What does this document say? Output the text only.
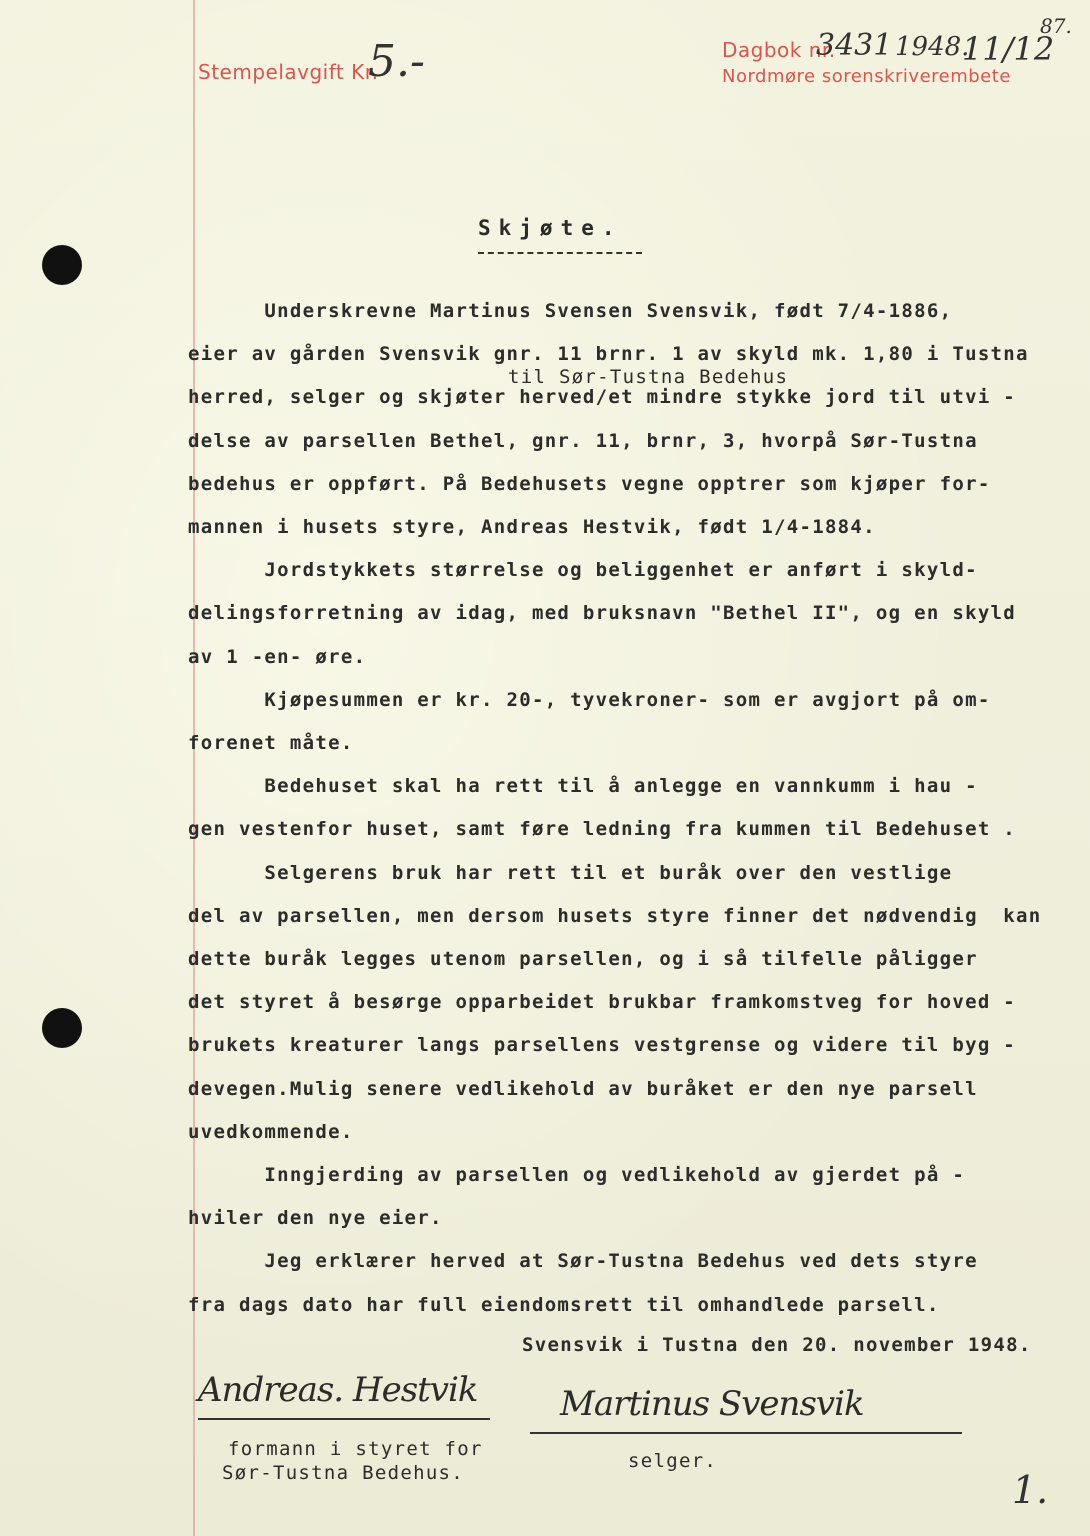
Stempelavgift Kr.
5.-	Dagbok nr.
3431 1948.
11/12
Nordmøre sorenskriverembete
87.
Skjøte.
til Sør-Tustna Bedehus
Underskrevne Martinus Svensen Svensvik, født 7/4-1886,
eier av gården Svensvik gnr. 11 brnr. 1 av skyld mk. 1,80 i Tustna
herred, selger og skjøter herved/et mindre stykke jord til utvi -
delse av parsellen Bethel, gnr. 11, brnr, 3, hvorpå Sør-Tustna
bedehus er oppført. På Bedehusets vegne opptrer som kjøper for-
mannen i husets styre, Andreas Hestvik, født 1/4-1884.
Jordstykkets størrelse og beliggenhet er anført i skyld-
delingsforretning av idag, med bruksnavn "Bethel II", og en skyld
av 1 -en- øre.
Kjøpesummen er kr. 20-, tyvekroner- som er avgjort på om-
forenet måte.
Bedehuset skal ha rett til å anlegge en vannkumm i hau -
gen vestenfor huset, samt føre ledning fra kummen til Bedehuset .
Selgerens bruk har rett til et buråk over den vestlige
del av parsellen, men dersom husets styre finner det nødvendig  kan
dette buråk legges utenom parsellen, og i så tilfelle påligger
det styret å besørge opparbeidet brukbar framkomstveg for hoved -
brukets kreaturer langs parsellens vestgrense og videre til byg -
devegen.Mulig senere vedlikehold av buråket er den nye parsell
uvedkommende.
Inngjerding av parsellen og vedlikehold av gjerdet på -
hviler den nye eier.
Jeg erklærer herved at Sør-Tustna Bedehus ved dets styre
fra dags dato har full eiendomsrett til omhandlede parsell.
Svensvik i Tustna den 20. november 1948.
Andreas. Hestvik
formann i styret for
Sør-Tustna Bedehus.
Martinus Svensvik
selger.
1.
